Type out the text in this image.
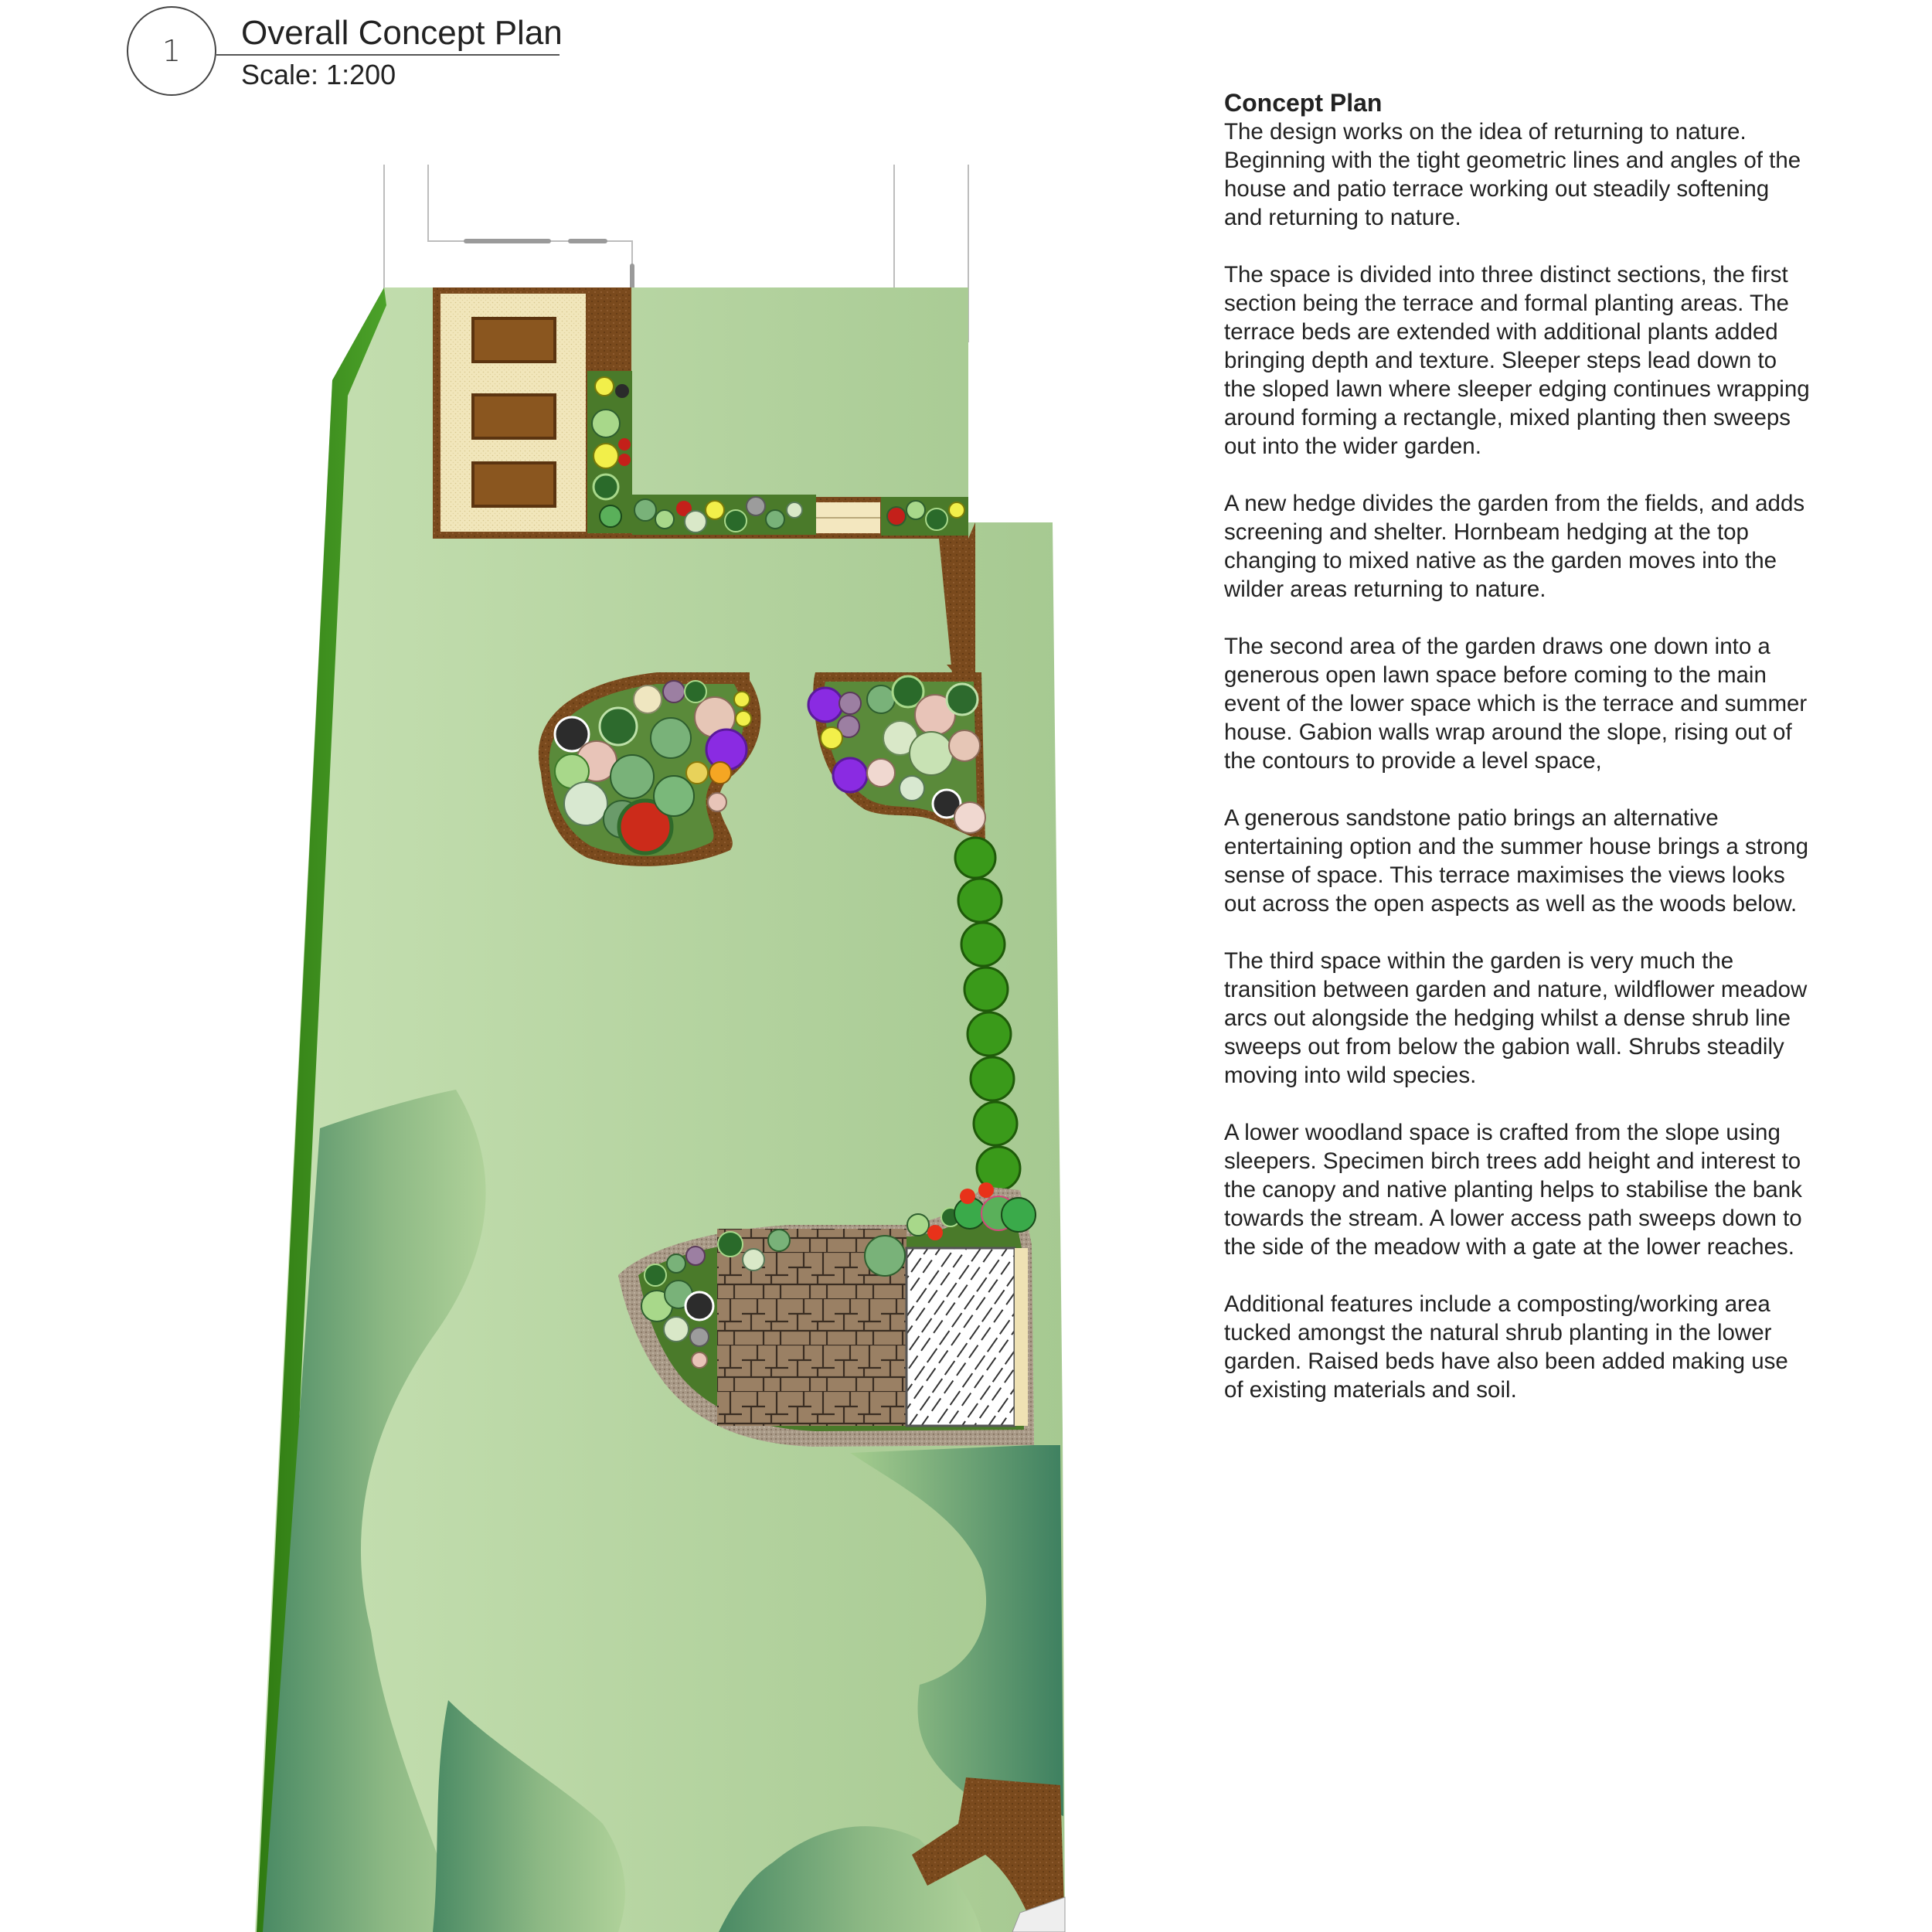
1	Overall Concept Plan
Scale: 1:200

Concept Plan

The design works on the idea of returning to nature. Beginning with the tight geometric lines and angles of the house and patio terrace working out steadily softening and returning to nature.

The space is divided into three distinct sections, the first section being the terrace and formal planting areas. The terrace beds are extended with additional plants added bringing depth and texture. Sleeper steps lead down to the sloped lawn where sleeper edging continues wrapping around forming a rectangle, mixed planting then sweeps out into the wider garden.

A new hedge divides the garden from the fields, and adds screening and shelter. Hornbeam hedging at the top changing to mixed native as the garden moves into the wilder areas returning to nature.

The second area of the garden draws one down into a generous open lawn space before coming to the main event of the lower space which is the terrace and summer house. Gabion walls wrap around the slope, rising out of the contours to provide a level space,

A generous sandstone patio brings an alternative entertaining option and the summer house brings a strong sense of space. This terrace maximises the views looks out across the open aspects as well as the woods below.

The third space within the garden is very much the transition between garden and nature, wildflower meadow arcs out alongside the hedging whilst a dense shrub line sweeps out from below the gabion wall. Shrubs steadily moving into wild species.

A lower woodland space is crafted from the slope using sleepers. Specimen birch trees add height and interest to the canopy and native planting helps to stabilise the bank towards the stream. A lower access path sweeps down to the side of the meadow with a gate at the lower reaches.

Additional features include a composting/working area tucked amongst the natural shrub planting in the lower garden. Raised beds have also been added making use of existing materials and soil.
